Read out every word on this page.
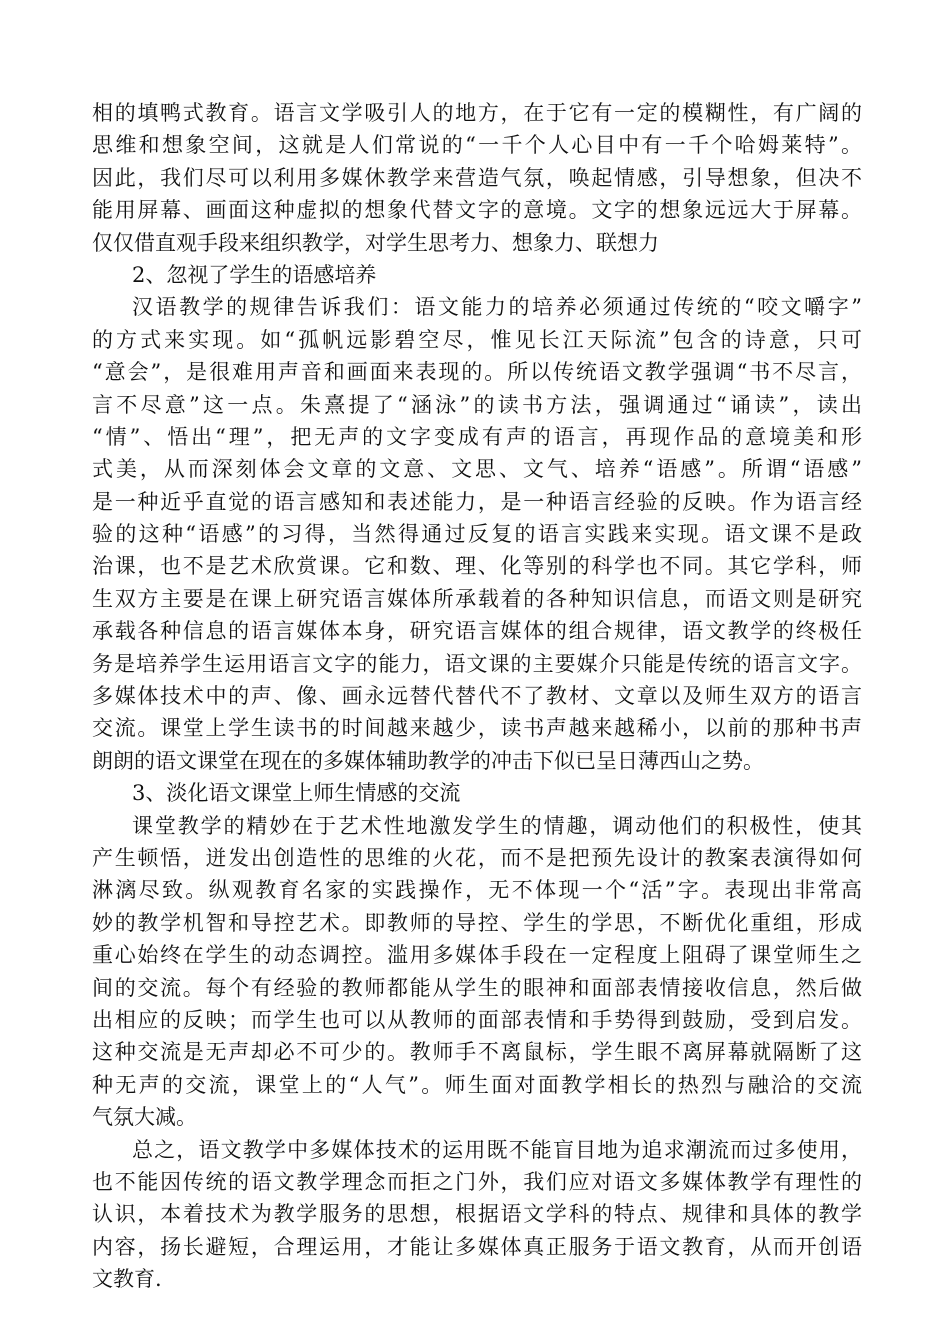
相的填鸭式教育。语言文学吸引人的地方，在于它有一定的模糊性，有广阔的
思维和想象空间，这就是人们常说的“一千个人心目中有一千个哈姆莱特”。
因此，我们尽可以利用多媒休教学来营造气氛，唤起情感，引导想象，但决不
能用屏幕、画面这种虚拟的想象代替文字的意境。文字的想象远远大于屏幕。
仅仅借直观手段来组织教学，对学生思考力、想象力、联想力
2、忽视了学生的语感培养
汉语教学的规律告诉我们：语文能力的培养必须通过传统的“咬文嚼字”
的方式来实现。如“孤帆远影碧空尽，惟见长江天际流”包含的诗意，只可
“意会”，是很难用声音和画面来表现的。所以传统语文教学强调“书不尽言，
言不尽意”这一点。朱熹提了“涵泳”的读书方法，强调通过“诵读”，读出
“情”、悟出“理”，把无声的文字变成有声的语言，再现作品的意境美和形
式美，从而深刻体会文章的文意、文思、文气、培养“语感”。所谓“语感”
是一种近乎直觉的语言感知和表述能力，是一种语言经验的反映。作为语言经
验的这种“语感”的习得，当然得通过反复的语言实践来实现。语文课不是政
治课，也不是艺术欣赏课。它和数、理、化等别的科学也不同。其它学科，师
生双方主要是在课上研究语言媒体所承载着的各种知识信息，而语文则是研究
承载各种信息的语言媒体本身，研究语言媒体的组合规律，语文教学的终极任
务是培养学生运用语言文字的能力，语文课的主要媒介只能是传统的语言文字。
多媒体技术中的声、像、画永远替代替代不了教材、文章以及师生双方的语言
交流。课堂上学生读书的时间越来越少，读书声越来越稀小，以前的那种书声
朗朗的语文课堂在现在的多媒体辅助教学的冲击下似已呈日薄西山之势。
3、淡化语文课堂上师生情感的交流
课堂教学的精妙在于艺术性地激发学生的情趣，调动他们的积极性，使其
产生顿悟，迸发出创造性的思维的火花，而不是把预先设计的教案表演得如何
淋漓尽致。纵观教育名家的实践操作，无不体现一个“活”字。表现出非常高
妙的教学机智和导控艺术。即教师的导控、学生的学思，不断优化重组，形成
重心始终在学生的动态调控。滥用多媒体手段在一定程度上阻碍了课堂师生之
间的交流。每个有经验的教师都能从学生的眼神和面部表情接收信息，然后做
出相应的反映；而学生也可以从教师的面部表情和手势得到鼓励，受到启发。
这种交流是无声却必不可少的。教师手不离鼠标，学生眼不离屏幕就隔断了这
种无声的交流，课堂上的“人气”。师生面对面教学相长的热烈与融洽的交流
气氛大减。
总之，语文教学中多媒体技术的运用既不能盲目地为追求潮流而过多使用，
也不能因传统的语文教学理念而拒之门外，我们应对语文多媒体教学有理性的
认识，本着技术为教学服务的思想，根据语文学科的特点、规律和具体的教学
内容，扬长避短，合理运用，才能让多媒体真正服务于语文教育，从而开创语
文教育.
